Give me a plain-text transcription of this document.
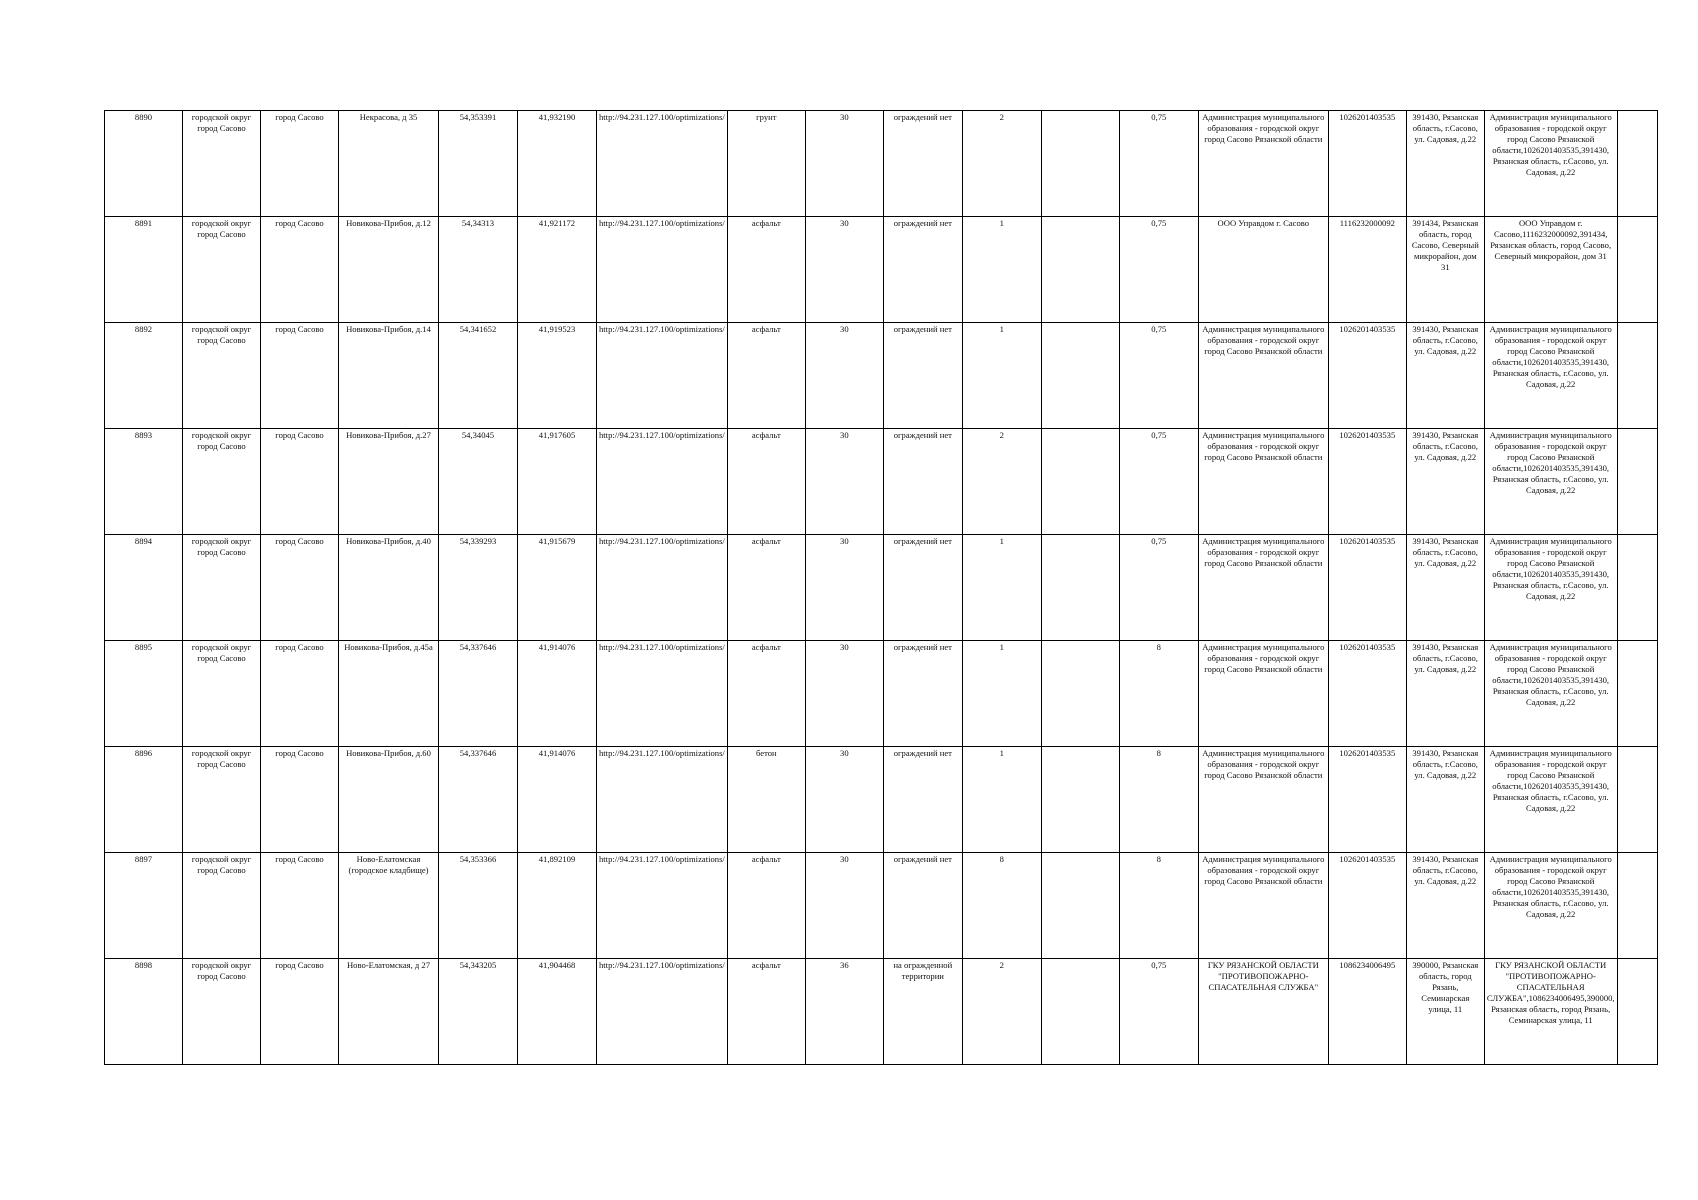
8890	городской округ город Сасово	город Сасово	Некрасова, д 35	54,353391	41,932190	http://94.231.127.100/optimizations/	грунт	30	ограждений нет	2		0,75	Администрация муниципального образования - городской округ город Сасово Рязанской области	1026201403535	391430, Рязанская область, г.Сасово, ул. Садовая, д.22	Администрация муниципального образования - городской округ город Сасово Рязанской области,1026201403535,391430, Рязанская область, г.Сасово, ул. Садовая, д.22	
8891	городской округ город Сасово	город Сасово	Новикова-Прибоя, д.12	54,34313	41,921172	http://94.231.127.100/optimizations/	асфальт	30	ограждений нет	1		0,75	ООО Управдом г. Сасово	1116232000092	391434, Рязанская область, город Сасово, Северный микрорайон, дом 31	ООО Управдом г. Сасово,1116232000092,391434, Рязанская область, город Сасово, Северный микрорайон, дом 31	
8892	городской округ город Сасово	город Сасово	Новикова-Прибоя, д.14	54,341652	41,919523	http://94.231.127.100/optimizations/	асфальт	30	ограждений нет	1		0,75	Администрация муниципального образования - городской округ город Сасово Рязанской области	1026201403535	391430, Рязанская область, г.Сасово, ул. Садовая, д.22	Администрация муниципального образования - городской округ город Сасово Рязанской области,1026201403535,391430, Рязанская область, г.Сасово, ул. Садовая, д.22	
8893	городской округ город Сасово	город Сасово	Новикова-Прибоя, д.27	54,34045	41,917605	http://94.231.127.100/optimizations/	асфальт	30	ограждений нет	2		0,75	Администрация муниципального образования - городской округ город Сасово Рязанской области	1026201403535	391430, Рязанская область, г.Сасово, ул. Садовая, д.22	Администрация муниципального образования - городской округ город Сасово Рязанской области,1026201403535,391430, Рязанская область, г.Сасово, ул. Садовая, д.22	
8894	городской округ город Сасово	город Сасово	Новикова-Прибоя, д.40	54,339293	41,915679	http://94.231.127.100/optimizations/	асфальт	30	ограждений нет	1		0,75	Администрация муниципального образования - городской округ город Сасово Рязанской области	1026201403535	391430, Рязанская область, г.Сасово, ул. Садовая, д.22	Администрация муниципального образования - городской округ город Сасово Рязанской области,1026201403535,391430, Рязанская область, г.Сасово, ул. Садовая, д.22	
8895	городской округ город Сасово	город Сасово	Новикова-Прибоя, д.45а	54,337646	41,914076	http://94.231.127.100/optimizations/	асфальт	30	ограждений нет	1		8	Администрация муниципального образования - городской округ город Сасово Рязанской области	1026201403535	391430, Рязанская область, г.Сасово, ул. Садовая, д.22	Администрация муниципального образования - городской округ город Сасово Рязанской области,1026201403535,391430, Рязанская область, г.Сасово, ул. Садовая, д.22	
8896	городской округ город Сасово	город Сасово	Новикова-Прибоя, д.60	54,337646	41,914076	http://94.231.127.100/optimizations/	бетон	30	ограждений нет	1		8	Администрация муниципального образования - городской округ город Сасово Рязанской области	1026201403535	391430, Рязанская область, г.Сасово, ул. Садовая, д.22	Администрация муниципального образования - городской округ город Сасово Рязанской области,1026201403535,391430, Рязанская область, г.Сасово, ул. Садовая, д.22	
8897	городской округ город Сасово	город Сасово	Ново-Елатомская (городское кладбище)	54,353366	41,892109	http://94.231.127.100/optimizations/	асфальт	30	ограждений нет	8		8	Администрация муниципального образования - городской округ город Сасово Рязанской области	1026201403535	391430, Рязанская область, г.Сасово, ул. Садовая, д.22	Администрация муниципального образования - городской округ город Сасово Рязанской области,1026201403535,391430, Рязанская область, г.Сасово, ул. Садовая, д.22	
8898	городской округ город Сасово	город Сасово	Ново-Елатомская, д 27	54,343205	41,904468	http://94.231.127.100/optimizations/	асфальт	36	на огражденной территории	2		0,75	ГКУ РЯЗАНСКОЙ ОБЛАСТИ "ПРОТИВОПОЖАРНО-СПАСАТЕЛЬНАЯ СЛУЖБА"	1086234006495	390000, Рязанская область, город Рязань, Семинарская улица, 11	ГКУ РЯЗАНСКОЙ ОБЛАСТИ "ПРОТИВОПОЖАРНО-СПАСАТЕЛЬНАЯ СЛУЖБА",1086234006495,390000, Рязанская область, город Рязань, Семинарская улица, 11	
